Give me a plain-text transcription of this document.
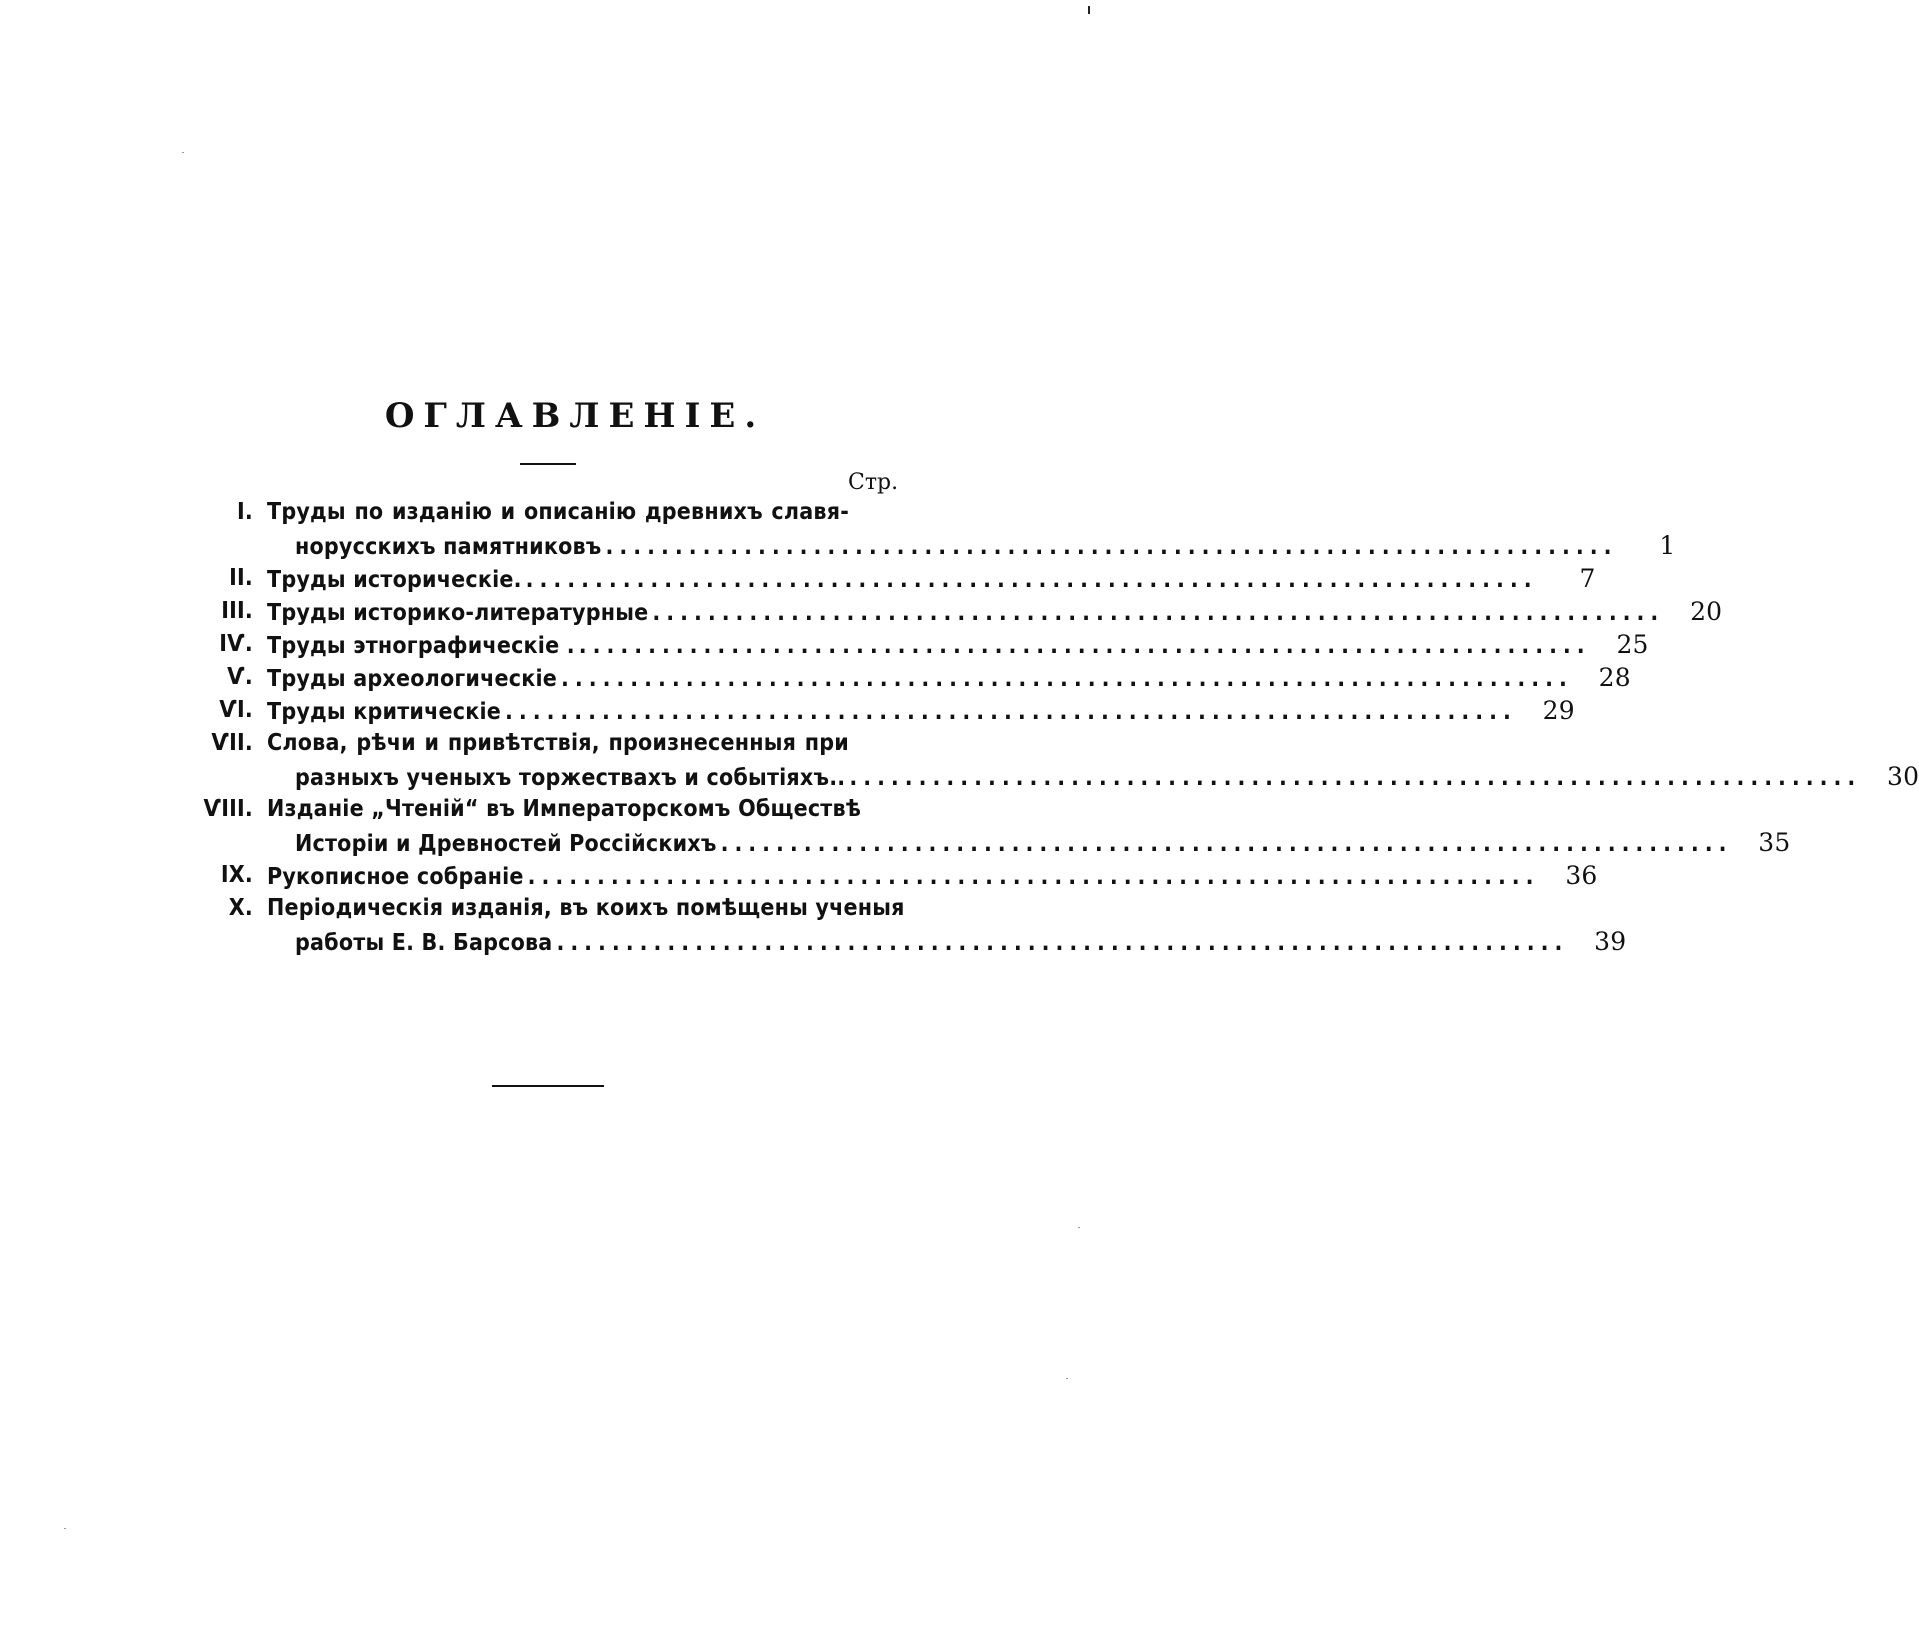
ОГЛАВЛЕНІЕ.
Стр.
I. Труды по изданію и описанію древнихъ славя-
норусскихъ памятниковъ .........................................................................	1
II. Труды историческіе. .........................................................................	7
III. Труды историко-литературные .........................................................................	20
IѴ. Труды этнографическіе . .........................................................................	25
Ѵ. Труды археологическіе .........................................................................	28
ѴI. Труды критическіе .........................................................................	29
ѴII. Слова, рѣчи и привѣтствія, произнесенныя при
разныхъ ученыхъ торжествахъ и событіяхъ.. .........................................................................	30
ѴIII. Изданіе „Чтеній“ въ Императорскомъ Обществѣ
Исторіи и Древностей Россійскихъ .........................................................................	35
IX. Рукописное собраніе .........................................................................	36
X. Періодическія изданія, въ коихъ помѣщены ученыя
работы Е. В. Барсова .........................................................................	39
